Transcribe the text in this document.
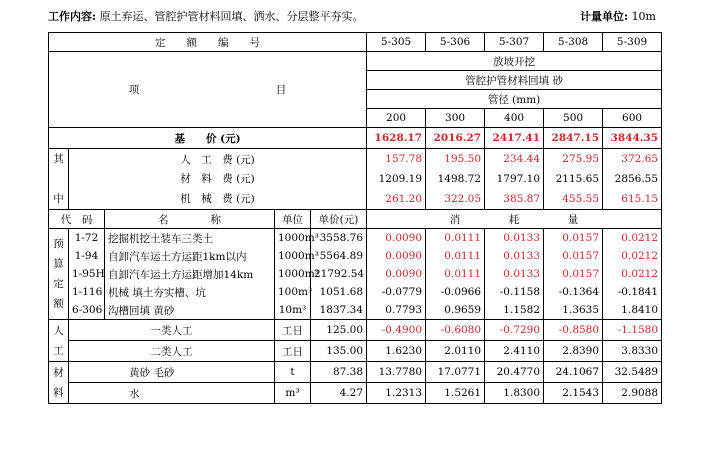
工作内容: 原土弃运、管腔护管材料回填、洒水、分层整平夯实。	计量单位: 10m
定　　额　　编　　号					5-305	5-306	5-307	5-308	5-309
项　　　　　　　　　　　　　目					放坡开挖				
					管腔护管材料回填 砂				
					管径 (mm)				
					200	300	400	500	600
基　　价 (元)					1628.17	2016.27	2417.41	2847.15	3844.35
其

中	人　工　费 (元)				157.78	195.50	234.44	275.95	372.65
	材　料　费 (元)				1209.19	1498.72	1797.10	2115.65	2856.55
	机　械　费 (元)				261.20	322.05	385.87	455.55	615.15
代　码		名　　　　称	单位	单价(元)		消	耗	量	
预
算
定
额	1-72	挖掘机挖土装车三类土	1000m³	3558.76	0.0090	0.0111	0.0133	0.0157	0.0212
	1-94	自卸汽车运土方运距1km以内	1000m³	5564.89	0.0090	0.0111	0.0133	0.0157	0.0212
	1-95H	自卸汽车运土方运距增加14km	1000m³	21792.54	0.0090	0.0111	0.0133	0.0157	0.0212
	1-116	机械 填土夯实槽、坑	100m³	1051.68	-0.0779	-0.0966	-0.1158	-0.1364	-0.1841
	6-306	沟槽回填 黄砂	10m³	1837.34	0.7793	0.9659	1.1582	1.3635	1.8410
人
工	一类人工		工日	125.00	-0.4900	-0.6080	-0.7290	-0.8580	-1.1580
	二类人工		工日	135.00	1.6230	2.0110	2.4110	2.8390	3.8330
材
料	黄砂 毛砂		t	87.38	13.7780	17.0771	20.4770	24.1067	32.5489
	水		m³	4.27	1.2313	1.5261	1.8300	2.1543	2.9088
